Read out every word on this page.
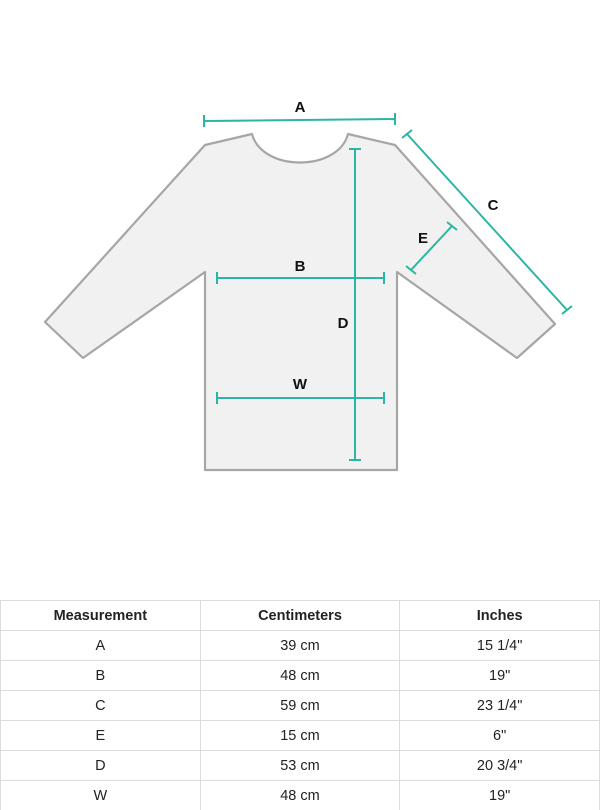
A
C
E
D
B
W
Measurement	Centimeters	Inches
A	39 cm	15 1/4"
B	48 cm	19"
C	59 cm	23 1/4"
E	15 cm	6"
D	53 cm	20 3/4"
W	48 cm	19"
